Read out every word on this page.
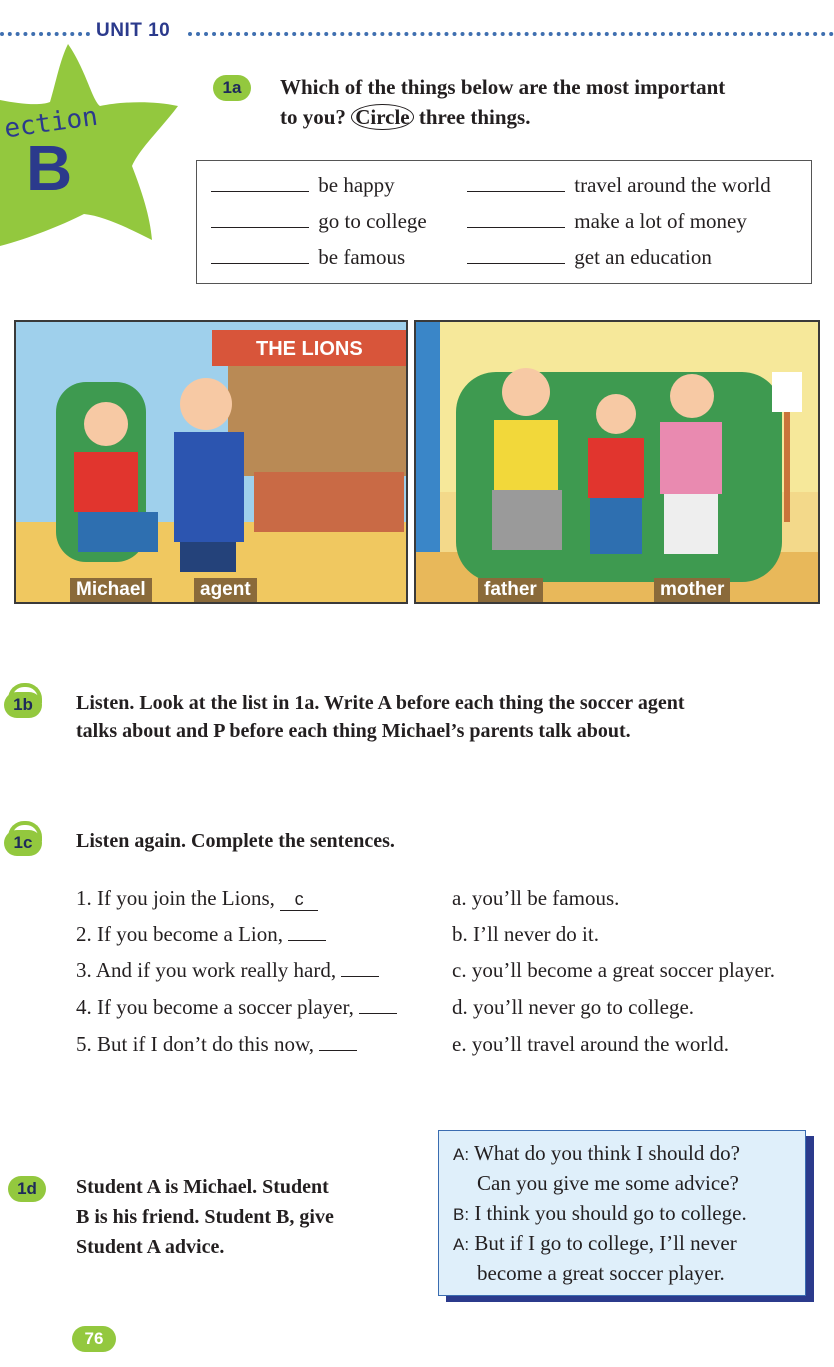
UNIT 10
ection
B
1a	Which of the things below are the most important
to you? Circle three things.
be happy	travel around the world
go to college	make a lot of money
be famous	get an education
THE LIONS
Michael	agent	father	mother
1b	Listen. Look at the list in 1a. Write A before each thing the soccer agent
talks about and P before each thing Michael’s parents talk about.
1c	Listen again. Complete the sentences.
1. If you join the Lions, c
2. If you become a Lion,
3. And if you work really hard,
4. If you become a soccer player,
5. But if I don’t do this now,
a. you’ll be famous.
b. I’ll never do it.
c. you’ll become a great soccer player.
d. you’ll never go to college.
e. you’ll travel around the world.
1d	Student A is Michael. Student
B is his friend. Student B, give
Student A advice.
A: What do you think I should do?
Can you give me some advice?
B: I think you should go to college.
A: But if I go to college, I’ll never
become a great soccer player.
76
